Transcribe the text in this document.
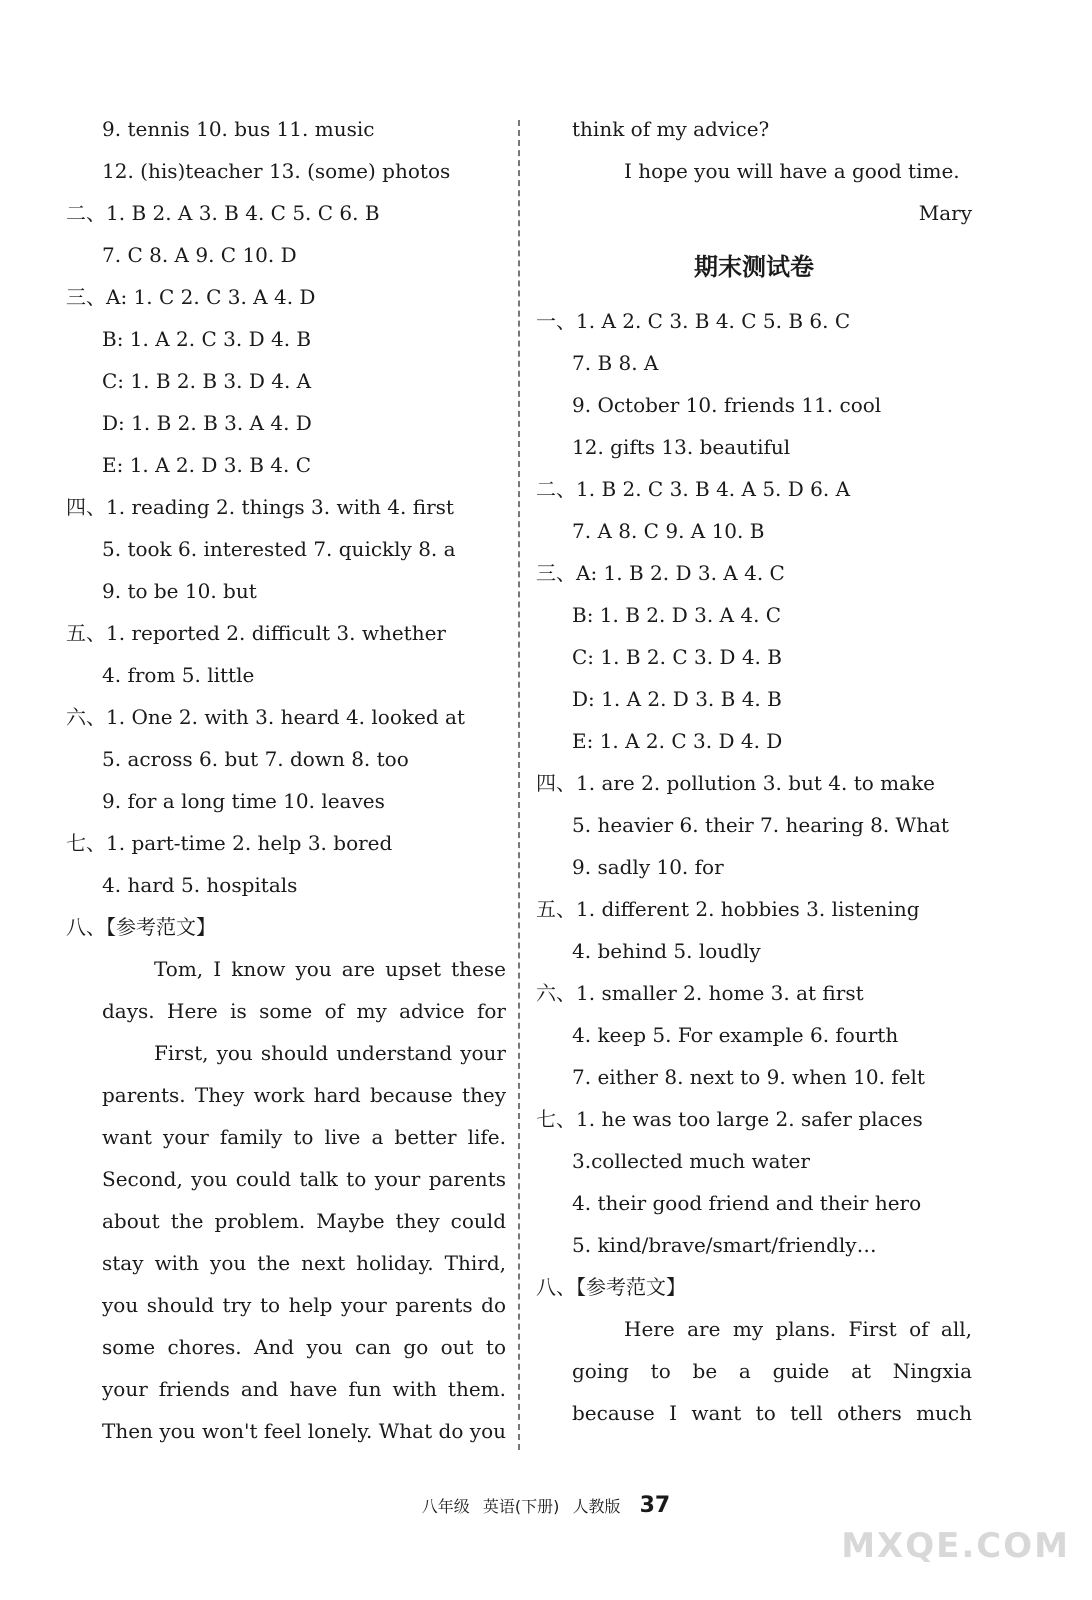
9. tennis 10. bus 11. music
12. (his)teacher 13. (some) photos
二、1. B 2. A 3. B 4. C 5. C 6. B
7. C 8. A 9. C 10. D
三、A: 1. C 2. C 3. A 4. D
B: 1. A 2. C 3. D 4. B
C: 1. B 2. B 3. D 4. A
D: 1. B 2. B 3. A 4. D
E: 1. A 2. D 3. B 4. C
四、1. reading 2. things 3. with 4. first
5. took 6. interested 7. quickly 8. a
9. to be 10. but
五、1. reported 2. difficult 3. whether
4. from 5. little
六、1. One 2. with 3. heard 4. looked at
5. across 6. but 7. down 8. too
9. for a long time 10. leaves
七、1. part-time 2. help 3. bored
4. hard 5. hospitals
八、【参考范文】
Tom, I know you are upset these
days. Here is some of my advice for
First, you should understand your
parents. They work hard because they
want your family to live a better life.
Second, you could talk to your parents
about the problem. Maybe they could
stay with you the next holiday. Third,
you should try to help your parents do
some chores. And you can go out to
your friends and have fun with them.
Then you won't feel lonely. What do you
think of my advice?
I hope you will have a good time.
Mary
期末测试卷
一、1. A 2. C 3. B 4. C 5. B 6. C
7. B 8. A
9. October 10. friends 11. cool
12. gifts 13. beautiful
二、1. B 2. C 3. B 4. A 5. D 6. A
7. A 8. C 9. A 10. B
三、A: 1. B 2. D 3. A 4. C
B: 1. B 2. D 3. A 4. C
C: 1. B 2. C 3. D 4. B
D: 1. A 2. D 3. B 4. B
E: 1. A 2. C 3. D 4. D
四、1. are 2. pollution 3. but 4. to make
5. heavier 6. their 7. hearing 8. What
9. sadly 10. for
五、1. different 2. hobbies 3. listening
4. behind 5. loudly
六、1. smaller 2. home 3. at first
4. keep 5. For example 6. fourth
7. either 8. next to 9. when 10. felt
七、1. he was too large 2. safer places
3.collected much water
4. their good friend and their hero
5. kind/brave/smart/friendly…
八、【参考范文】
Here are my plans. First of all,
going to be a guide at Ningxia
because I want to tell others much
八年级 英语(下册) 人教版 37
MXQE.COM
